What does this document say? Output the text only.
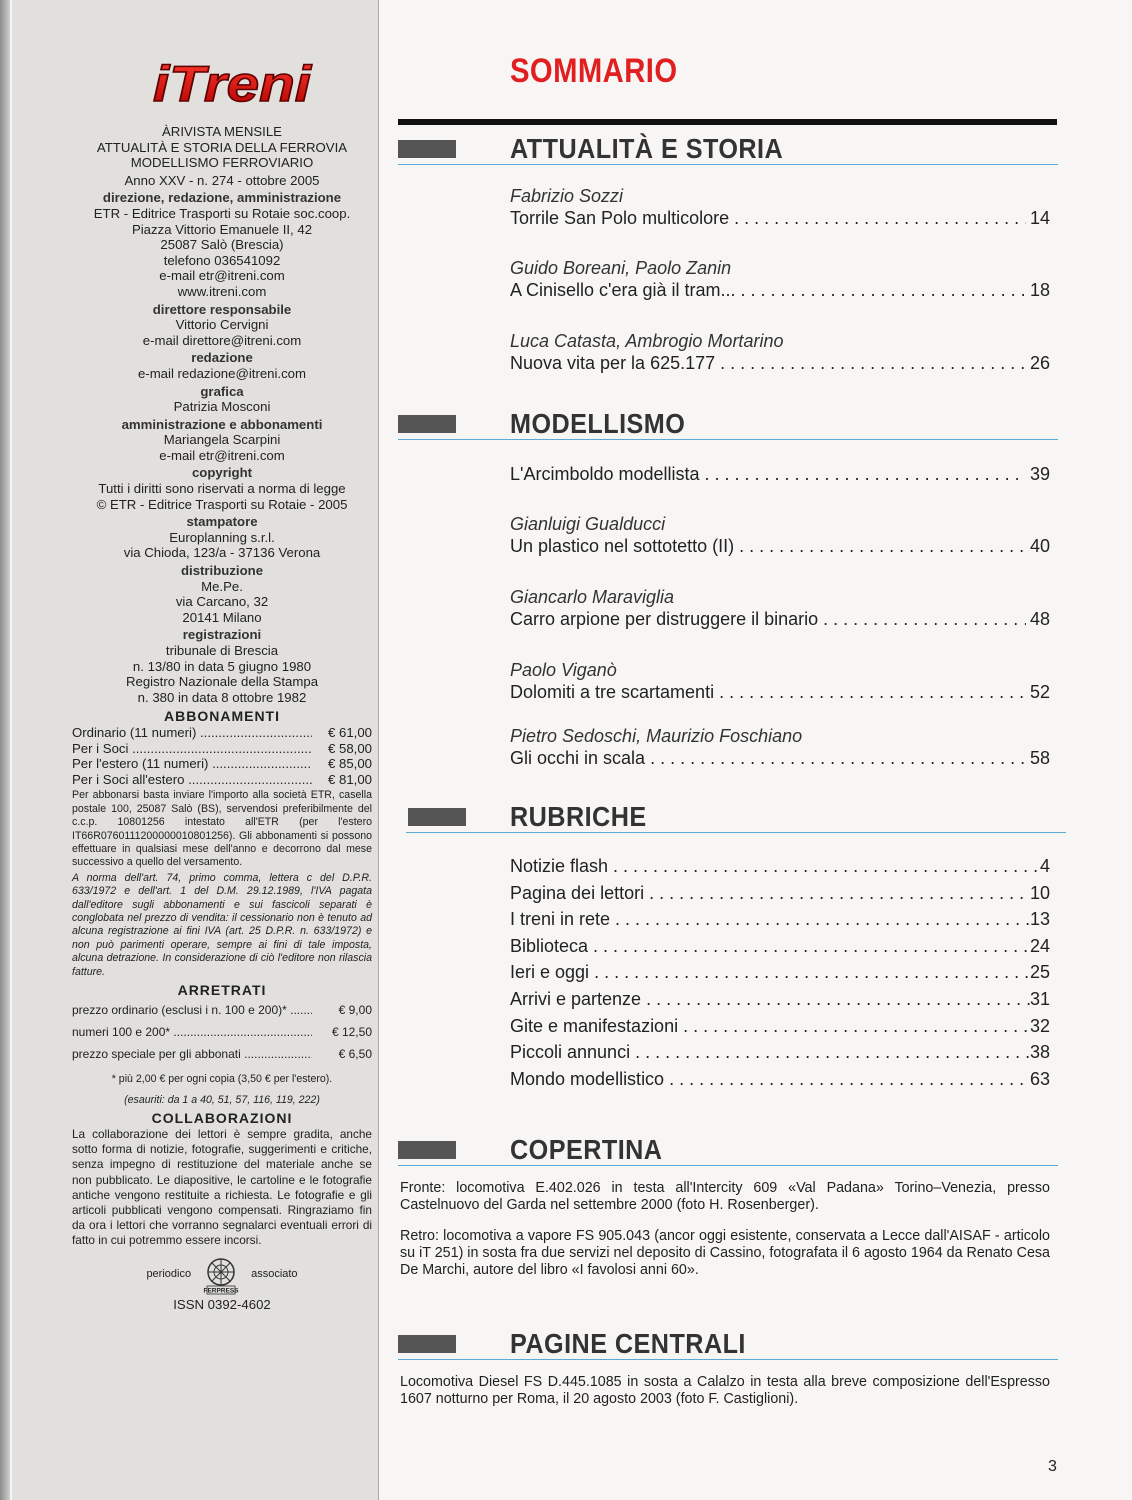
iTreni
ÀRIVISTA MENSILE
ATTUALITÀ E STORIA DELLA FERROVIA
MODELLISMO FERROVIARIO
Anno XXV - n. 274 - ottobre 2005
direzione, redazione, amministrazione
ETR - Editrice Trasporti su Rotaie soc.coop.
Piazza Vittorio Emanuele II, 42
25087 Salò (Brescia)
telefono 036541092
e-mail etr@itreni.com
www.itreni.com
direttore responsabile
Vittorio Cervigni
e-mail direttore@itreni.com
redazione
e-mail redazione@itreni.com
grafica
Patrizia Mosconi
amministrazione e abbonamenti
Mariangela Scarpini
e-mail etr@itreni.com
copyright
Tutti i diritti sono riservati a norma di legge
© ETR - Editrice Trasporti su Rotaie - 2005
stampatore
Europlanning s.r.l.
via Chioda, 123/a - 37136 Verona
distribuzione
Me.Pe.
via Carcano, 32
20141 Milano
registrazioni
tribunale di Brescia
n. 13/80 in data 5 giugno 1980
Registro Nazionale della Stampa
n. 380 in data 8 ottobre 1982
ABBONAMENTI
Ordinario (11 numeri) .....	€ 61,00
Per i Soci .....	€ 58,00
Per l'estero (11 numeri) .....	€ 85,00
Per i Soci all'estero .....	€ 81,00
Per abbonarsi basta inviare l'importo alla società ETR, casella postale 100, 25087 Salò (BS), servendosi preferibilmente del c.c.p. 10801256 intestato all'ETR (per l'estero IT66R0760111200000010801256). Gli abbonamenti si possono effettuare in qualsiasi mese dell'anno e decorrono dal mese successivo a quello del versamento.
A norma dell'art. 74, primo comma, lettera c del D.P.R. 633/1972 e dell'art. 1 del D.M. 29.12.1989, l'IVA pagata dall'editore sugli abbonamenti e sui fascicoli separati è conglobata nel prezzo di vendita: il cessionario non è tenuto ad alcuna registrazione ai fini IVA (art. 25 D.P.R. n. 633/1972) e non può parimenti operare, sempre ai fini di tale imposta, alcuna detrazione. In considerazione di ciò l'editore non rilascia fatture.
ARRETRATI
prezzo ordinario (esclusi i n. 100 e 200)* .....	€ 9,00
numeri 100 e 200* .....	€ 12,50
prezzo speciale per gli abbonati .....	€ 6,50
* più 2,00 € per ogni copia (3,50 € per l'estero).
(esauriti: da 1 a 40, 51, 57, 116, 119, 222)
COLLABORAZIONI
La collaborazione dei lettori è sempre gradita, anche sotto forma di notizie, fotografie, suggerimenti e critiche, senza impegno di restituzione del materiale anche se non pubblicato. Le diapositive, le cartoline e le fotografie antiche vengono restituite a richiesta. Le fotografie e gli articoli pubblicati vengono compensati. Ringraziamo fin da ora i lettori che vorranno segnalarci eventuali errori di fatto in cui potremmo essere incorsi.
periodico
FERPRESS
associato
ISSN 0392-4602
SOMMARIO
ATTUALITÀ E STORIA
Fabrizio Sozzi
Torrile San Polo multicolore . . .	14
Guido Boreani, Paolo Zanin
A Cinisello c'era già il tram... . . .	18
Luca Catasta, Ambrogio Mortarino
Nuova vita per la 625.177 . . .	26
MODELLISMO
L'Arcimboldo modellista . . .	39
Gianluigi Gualducci
Un plastico nel sottotetto (II) . . .	40
Giancarlo Maraviglia
Carro arpione per distruggere il binario . . .	48
Paolo Viganò
Dolomiti a tre scartamenti . . .	52
Pietro Sedoschi, Maurizio Foschiano
Gli occhi in scala . . .	58
RUBRICHE
Notizie flash . . .	4
Pagina dei lettori . . .	10
I treni in rete . . .	13
Biblioteca . . .	24
Ieri e oggi . . .	25
Arrivi e partenze . . .	31
Gite e manifestazioni . . .	32
Piccoli annunci . . .	38
Mondo modellistico . . .	63
COPERTINA
Fronte: locomotiva E.402.026 in testa all'Intercity 609 «Val Padana» Torino–Venezia, presso Castelnuovo del Garda nel settembre 2000 (foto H. Rosenberger).
Retro: locomotiva a vapore FS 905.043 (ancor oggi esistente, conservata a Lecce dall'AISAF - articolo su iT 251) in sosta fra due servizi nel deposito di Cassino, fotografata il 6 agosto 1964 da Renato Cesa De Marchi, autore del libro «I favolosi anni 60».
PAGINE CENTRALI
Locomotiva Diesel FS D.445.1085 in sosta a Calalzo in testa alla breve composizione dell'Espresso 1607 notturno per Roma, il 20 agosto 2003 (foto F. Castiglioni).
3
